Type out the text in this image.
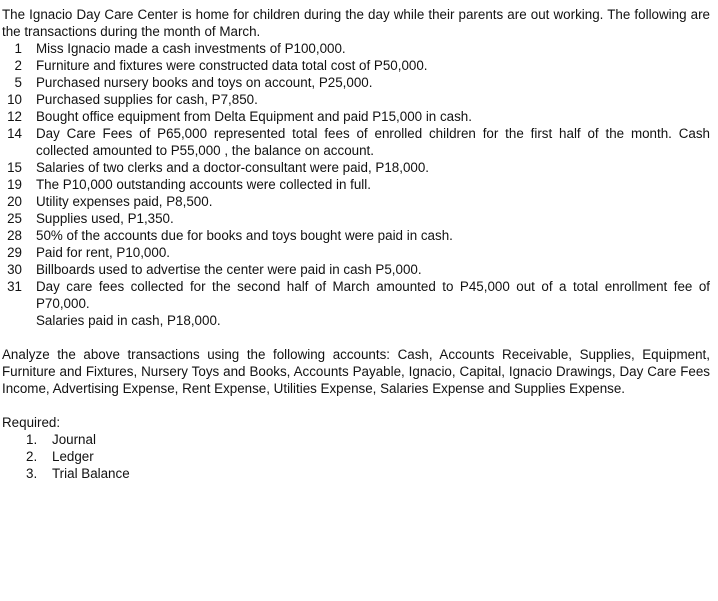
The Ignacio Day Care Center is home for children during the day while their parents are out working. The following are the transactions during the month of March.

1 Miss Ignacio made a cash investments of P100,000.
2 Furniture and fixtures were constructed data total cost of P50,000.
5 Purchased nursery books and toys on account, P25,000.
10 Purchased supplies for cash, P7,850.
12 Bought office equipment from Delta Equipment and paid P15,000 in cash.
14 Day Care Fees of P65,000 represented total fees of enrolled children for the first half of the month. Cash collected amounted to P55,000 , the balance on account.
15 Salaries of two clerks and a doctor-consultant were paid, P18,000.
19 The P10,000 outstanding accounts were collected in full.
20 Utility expenses paid, P8,500.
25 Supplies used, P1,350.
28 50% of the accounts due for books and toys bought were paid in cash.
29 Paid for rent, P10,000.
30 Billboards used to advertise the center were paid in cash P5,000.
31 Day care fees collected for the second half of March amounted to P45,000 out of a total enrollment fee of P70,000.
Salaries paid in cash, P18,000.

Analyze the above transactions using the following accounts: Cash, Accounts Receivable, Supplies, Equipment, Furniture and Fixtures, Nursery Toys and Books, Accounts Payable, Ignacio, Capital, Ignacio Drawings, Day Care Fees Income, Advertising Expense, Rent Expense, Utilities Expense, Salaries Expense and Supplies Expense.

Required:
1.	Journal
2.	Ledger
3.	Trial Balance
